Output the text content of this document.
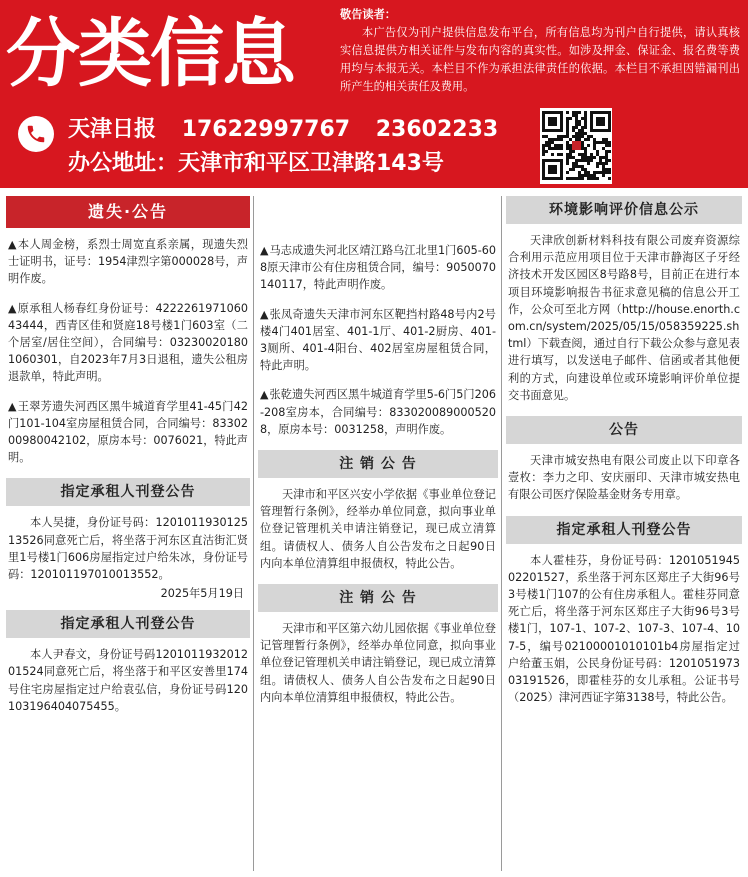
分类信息	敬告读者：
本广告仅为刊户提供信息发布平台，所有信息均为刊户自行提供，请认真核实信息提供方相关证件与发布内容的真实性。如涉及押金、保证金、报名费等费用均与本报无关。本栏目不作为承担法律责任的依据。本栏目不承担因错漏刊出所产生的相关责任及费用。
天津日报 17622997767 23602233
办公地址：天津市和平区卫津路143号
遗失·公告
▲本人周金榜，系烈士周宽直系亲属，现遗失烈士证明书，证号：1954津烈字第000028号，声明作废。
▲原承租人杨春红身份证号：422226197106043444，西青区佳和贤庭18号楼1门603室（二个居室/居住空间），合同编号：032300201801060301，自2023年7月3日退租，遗失公租房退款单，特此声明。
▲王翠芳遗失河西区黑牛城道育学里41-45门42门101-104室房屋租赁合同，合同编号：8330200980042102，原房本号：0076021，特此声明。
指定承租人刊登公告
本人吴捷，身份证号码：120101193012513526同意死亡后，将坐落于河东区直沽街汇贤里1号楼1门606房屋指定过户给朱冰，身份证号码：120101197010013552。
2025年5月19日
指定承租人刊登公告
本人尹春文，身份证号码120101193201201524同意死亡后，将坐落于和平区安善里174号住宅房屋指定过户给袁弘信，身份证号码120103196404075455。
▲马志成遗失河北区靖江路乌江北里1门605-608原天津市公有住房租赁合同，编号：9050070140117，特此声明作废。
▲张凤奇遗失天津市河东区靶挡村路48号内2号楼4门401居室、401-1厅、401-2厨房、401-3厕所、401-4阳台、402居室房屋租赁合同，特此声明。
▲张乾遗失河西区黑牛城道育学里5-6门5门206-208室房本，合同编号：8330200890005208，原房本号：0031258，声明作废。
注 销 公 告
天津市和平区兴安小学依据《事业单位登记管理暂行条例》，经举办单位同意，拟向事业单位登记管理机关申请注销登记，现已成立清算组。请债权人、债务人自公告发布之日起90日内向本单位清算组申报债权，特此公告。
注 销 公 告
天津市和平区第六幼儿园依据《事业单位登记管理暂行条例》，经举办单位同意，拟向事业单位登记管理机关申请注销登记，现已成立清算组。请债权人、债务人自公告发布之日起90日内向本单位清算组申报债权，特此公告。
环境影响评价信息公示
天津欣创新材料科技有限公司废弃资源综合利用示范应用项目位于天津市静海区子牙经济技术开发区园区8号路8号，目前正在进行本项目环境影响报告书征求意见稿的信息公开工作，公众可至北方网（http://house.enorth.com.cn/system/2025/05/15/058359225.shtml）下载查阅，通过自行下载公众参与意见表进行填写，以发送电子邮件、信函或者其他便利的方式，向建设单位或环境影响评价单位提交书面意见。
公告
天津市城安热电有限公司废止以下印章各壹枚：李力之印、安庆丽印、天津市城安热电有限公司医疗保险基金财务专用章。
指定承租人刊登公告
本人霍桂芬，身份证号码：120105194502201527，系坐落于河东区郑庄子大街96号3号楼1门107的公有住房承租人。霍桂芬同意死亡后，将坐落于河东区郑庄子大街96号3号楼1门，107-1、107-2、107-3、107-4、107-5，编号02100001010101b4房屋指定过户给董玉娟，公民身份证号码：120105197303191526，即霍桂芬的女儿承租。公证书号（2025）津河西证字第3138号，特此公告。
